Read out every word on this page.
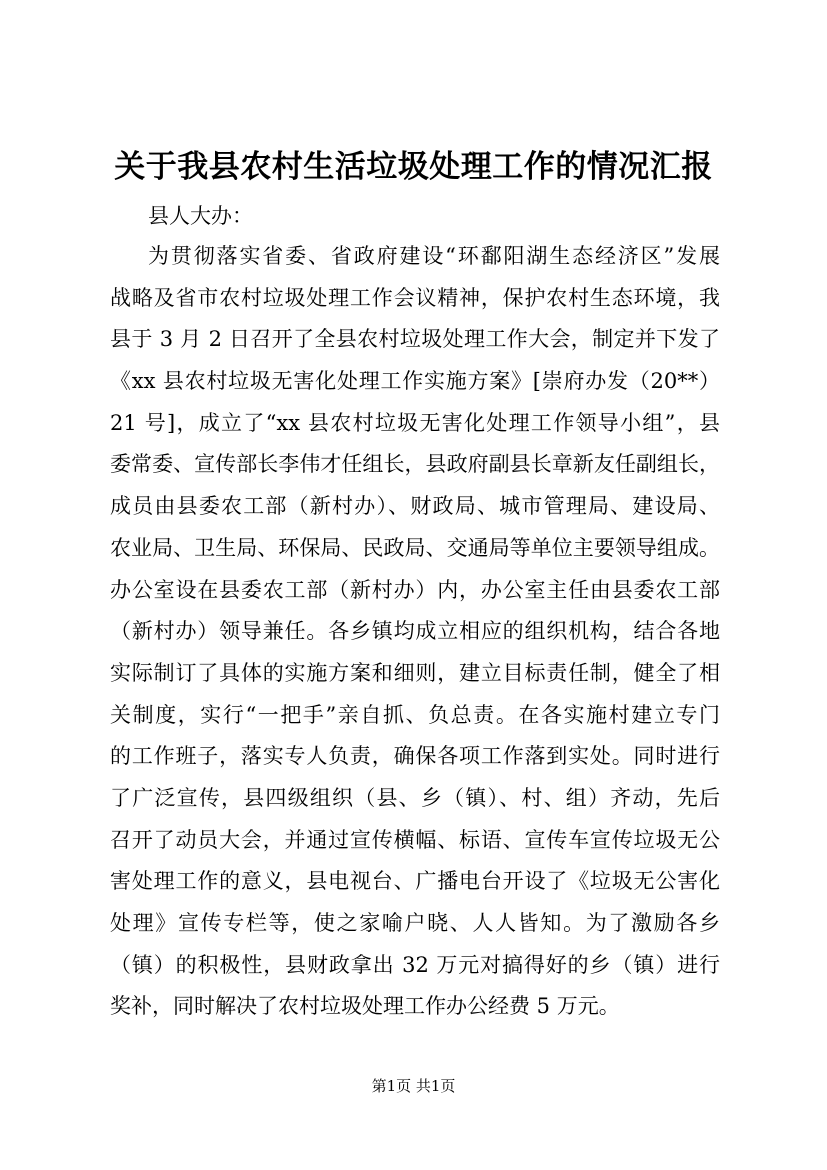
关于我县农村生活垃圾处理工作的情况汇报
县人大办：
为贯彻落实省委、省政府建设“环鄱阳湖生态经济区”发展
战略及省市农村垃圾处理工作会议精神，保护农村生态环境，我
县于 3 月 2 日召开了全县农村垃圾处理工作大会，制定并下发了
《xx 县农村垃圾无害化处理工作实施方案》[崇府办发（20**）
21 号]，成立了“xx 县农村垃圾无害化处理工作领导小组”，县
委常委、宣传部长李伟才任组长，县政府副县长章新友任副组长，
成员由县委农工部（新村办）、财政局、城市管理局、建设局、
农业局、卫生局、环保局、民政局、交通局等单位主要领导组成。
办公室设在县委农工部（新村办）内，办公室主任由县委农工部
（新村办）领导兼任。各乡镇均成立相应的组织机构，结合各地
实际制订了具体的实施方案和细则，建立目标责任制，健全了相
关制度，实行“一把手”亲自抓、负总责。在各实施村建立专门
的工作班子，落实专人负责，确保各项工作落到实处。同时进行
了广泛宣传，县四级组织（县、乡（镇）、村、组）齐动，先后
召开了动员大会，并通过宣传横幅、标语、宣传车宣传垃圾无公
害处理工作的意义，县电视台、广播电台开设了《垃圾无公害化
处理》宣传专栏等，使之家喻户晓、人人皆知。为了激励各乡
（镇）的积极性，县财政拿出 32 万元对搞得好的乡（镇）进行
奖补，同时解决了农村垃圾处理工作办公经费 5 万元。
第1页 共1页
